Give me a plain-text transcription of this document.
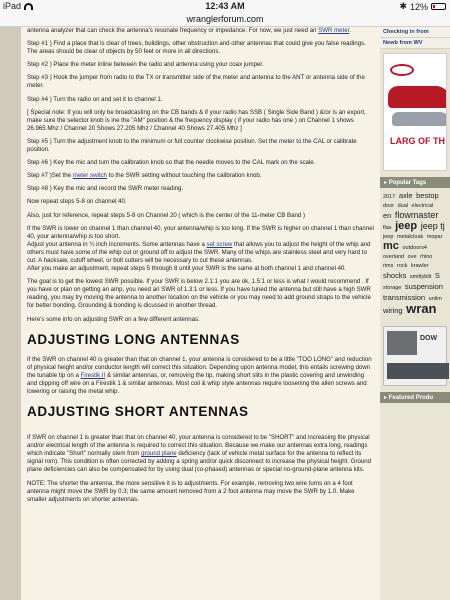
iPad	12:43 AM	✱ 12%
wranglerforum.com

antenna analyzer that can check the antenna's resonate frequency or impedance. For now, we just need an SWR meter.

Step #1 ) Find a place that is clear of trees, buildings, other obstruction and other antennas that could give you false readings. The areas should be clear of objects by 50 feet or more in all directions.

Step #2 ) Place the meter inline between the radio and antenna using your coax jumper.

Step #3 ) Hook the jumper from radio to the TX or transmitter side of the meter and antenna to the ANT or antenna side of the meter.

Step #4 ) Turn the radio on and set it to channel 1.

[ Special note: If you will only be broadcasting on the CB bands & if your radio has SSB ( Single Side Band ) &/or is an export, make sure the selector knob is ine the "AM" position & the frequency display ( if your radio has one ) on Channel 1 shows 26.965 Mhz / Channel 20 Shows 27.205 Mhz / Channel 40 Shows 27.405 Mhz ]

Step #5 ) Turn the adjustment knob to the minimum or full counter clockwise position. Set the meter to the CAL or calibrate position.

Step #6 ) Key the mic and turn the calibration knob so that the needle moves to the CAL mark on the scale.

Step #7 )Set the meter switch to the SWR setting without touching the calibration knob.

Step #8 ) Key the mic and record the SWR meter reading.

Now repeat steps 5-8 on channel 40.

Also, just for reference, repeat steps 5-8 on Channel 20 ( which is the center of the 11-meter CB Band )

If the SWR is lower on channel 1 than channel 40, your antenna/whip is too long. If the SWR is higher on channel 1 than channel 40, your antenna/whip is too short.
Adjust your antenna in ¼ inch increments. Some antennas have a set screw that allows you to adjust the height of the whip and others must have some of the whip cut or ground off to adjust the SWR. Many of the whips are stainless steel and very hard to cut. A hacksaw, cutoff wheel, or bolt cutters will be necessary to cut these antennas.
After you make an adjustment, repeat steps 5 through 8 until your SWR is the same at both channel 1 and channel 40.

The goal is to get the lowest SWR possible. If your SWR is below 2.1:1 you are ok, 1.5:1 or less is what I would recommend . If you have or plan on getting an amp, you need an SWR of 1.3:1 or less. If you have tuned the antenna but still have a high SWR reading, you may try moving the antenna to another location on the vehicle or you may need to add ground straps to the vehicle for better bonding. Grounding & bonding is dicussed in another thread.

Here's some info on adjusting SWR on a few different antennas.

ADJUSTING LONG ANTENNAS

If the SWR on channel 40 is greater than that on channel 1, your antenna is considered to be a little "TOO LONG" and reduction of physical height and/or conductor length will correct this situation. Depending upon antenna model, this entails screwing down the tunable tip on a Firestik II & similar antennas, or, removing the tip, making short slits in the plastic covering and unwinding and clipping off wire on a Firestik 1 & similar antennas. Most coil & whip style antennas require loosening the allen screws and lowering or raising the metal whip.

ADJUSTING SHORT ANTENNAS

If SWR on channel 1 is greater than that on channel 40, your antenna is considered to be "SHORT" and increasing the physical and/or electrical length of the antenna is required to correct this situation. Because we make our antennas extra long, readings which indicate "Short" normally stem from ground plane deficiency (lack of vehicle metal surface for the antenna to reflect its signal rom). This condition is often corrected by adding a spring and/or quick disconnect to increase the physical height. Ground plane deficiencies can also be compensated for by using dual (co-phased) antennas or special no-ground-plane antenna kits.

NOTE: The shorter the antenna, the more sensitive it is to adjustments. For example, removing two wire turns on a 4 foot antenna might move the SWR by 0.3; the same amount removed from a 2 foot antenna may move the SWR by 1.0. Make smaller adjustments on shorter antennas.

Checking in from
Newb from WV
LARG OF TH
▸ Popular Tags
2017 axle bestop door dual electrical en flowmaster flas jeep jeep tj jeep metalcloak mopar mc outdoors4 overland ove rhino rims rock krawler shocks smittybilt S storage suspension transmission unlim wiring wran
DOW
▸ Featured Produ
